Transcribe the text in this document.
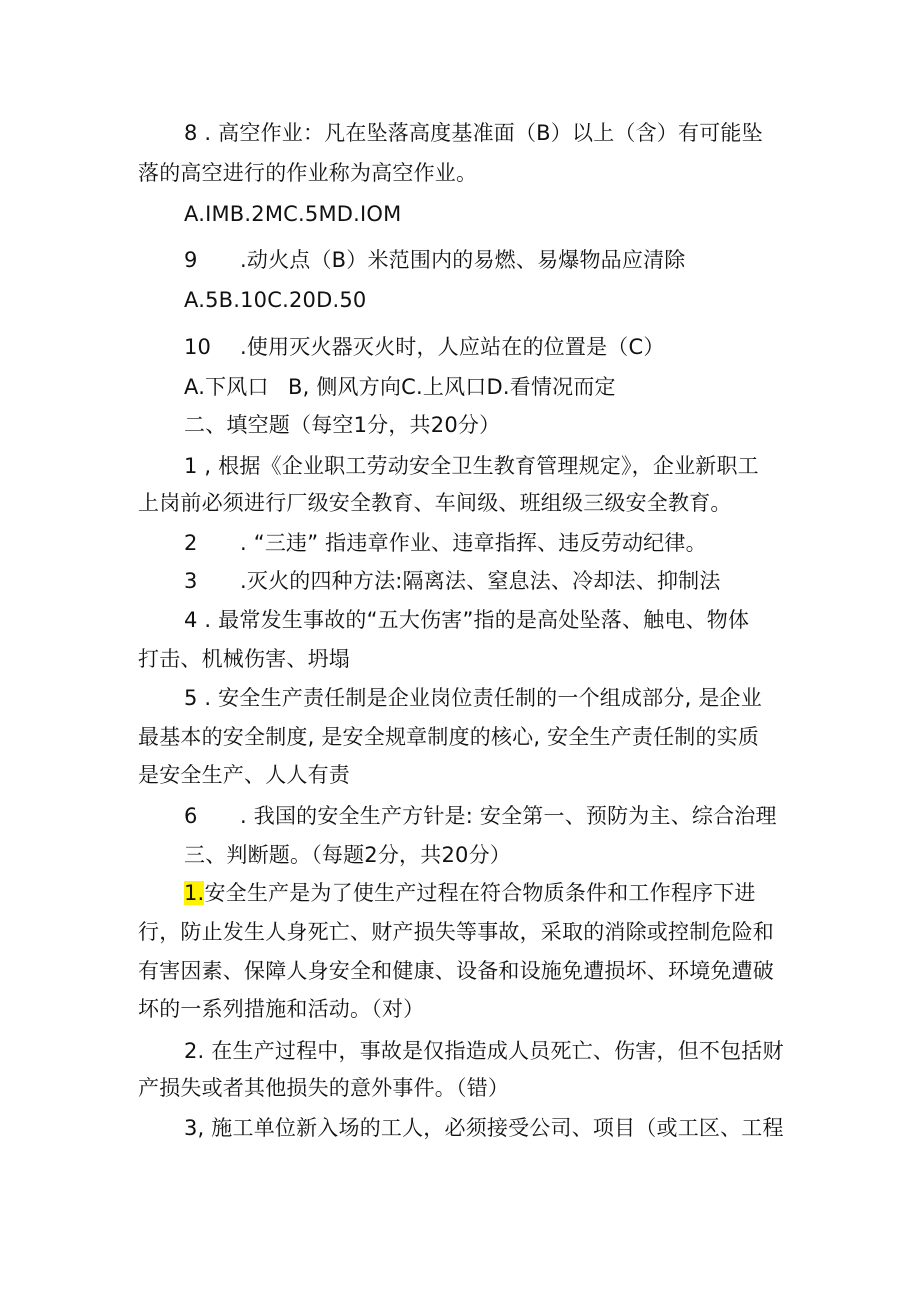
8 . 高空作业：凡在坠落高度基准面（B）以上（含）有可能坠
落的高空进行的作业称为高空作业。
A.IMB.2MC.5MD.IOM
9 .动火点（B）米范围内的易燃、易爆物品应清除
A.5B.10C.20D.50
10 .使用灭火器灭火时，人应站在的位置是（C）
A.下风口 B, 侧风方向C.上风口D.看情况而定
二、填空题（每空1分，共20分）
1 , 根据《企业职工劳动安全卫生教育管理规定》，企业新职工
上岗前必须进行厂级安全教育、车间级、班组级三级安全教育。
2 . “三违” 指违章作业、违章指挥、违反劳动纪律。
3 .灭火的四种方法:隔离法、窒息法、冷却法、抑制法
4 . 最常发生事故的“五大伤害”指的是高处坠落、触电、物体
打击、机械伤害、坍塌
5 . 安全生产责任制是企业岗位责任制的一个组成部分, 是企业
最基本的安全制度, 是安全规章制度的核心, 安全生产责任制的实质
是安全生产、人人有责
6 . 我国的安全生产方针是: 安全第一、预防为主、综合治理
三、判断题。（每题2分，共20分）
1.安全生产是为了使生产过程在符合物质条件和工作程序下进
行，防止发生人身死亡、财产损失等事故，采取的消除或控制危险和
有害因素、保障人身安全和健康、设备和设施免遭损坏、环境免遭破
坏的一系列措施和活动。（对）
2. 在生产过程中，事故是仅指造成人员死亡、伤害，但不包括财
产损失或者其他损失的意外事件。（错）
3, 施工单位新入场的工人，必须接受公司、项目（或工区、工程
